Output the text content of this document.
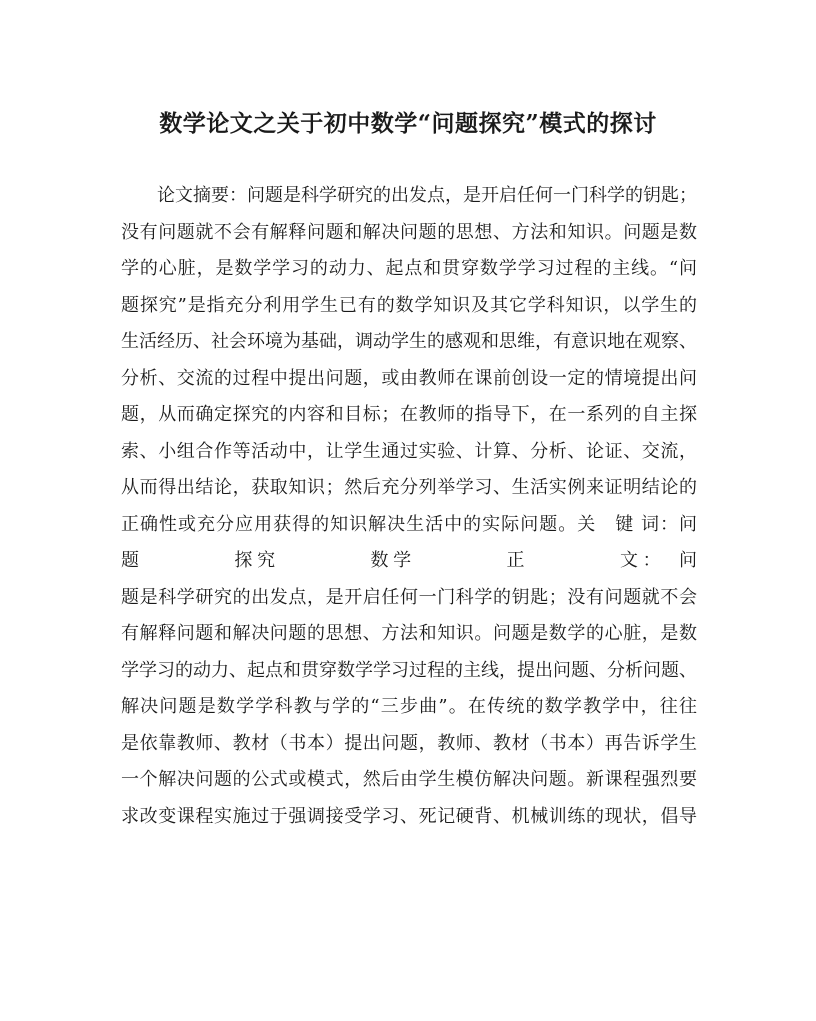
数学论文之关于初中数学“问题探究”模式的探讨
论文摘要：问题是科学研究的出发点，是开启任何一门科学的钥匙；
没有问题就不会有解释问题和解决问题的思想、方法和知识。问题是数
学的心脏，是数学学习的动力、起点和贯穿数学学习过程的主线。“问
题探究”是指充分利用学生已有的数学知识及其它学科知识，以学生的
生活经历、社会环境为基础，调动学生的感观和思维，有意识地在观察、
分析、交流的过程中提出问题，或由教师在课前创设一定的情境提出问
题，从而确定探究的内容和目标；在教师的指导下，在一系列的自主探
索、小组合作等活动中，让学生通过实验、计算、分析、论证、交流，
从而得出结论，获取知识；然后充分列举学习、生活实例来证明结论的
正确性或充分应用获得的知识解决生活中的实际问题。关　键 词：问
题　　　　探究　　　　数学　　　　正　　　　文：　问
题是科学研究的出发点，是开启任何一门科学的钥匙；没有问题就不会
有解释问题和解决问题的思想、方法和知识。问题是数学的心脏，是数
学学习的动力、起点和贯穿数学学习过程的主线，提出问题、分析问题、
解决问题是数学学科教与学的“三步曲”。在传统的数学教学中，往往
是依靠教师、教材（书本）提出问题，教师、教材（书本）再告诉学生
一个解决问题的公式或模式，然后由学生模仿解决问题。新课程强烈要
求改变课程实施过于强调接受学习、死记硬背、机械训练的现状，倡导
